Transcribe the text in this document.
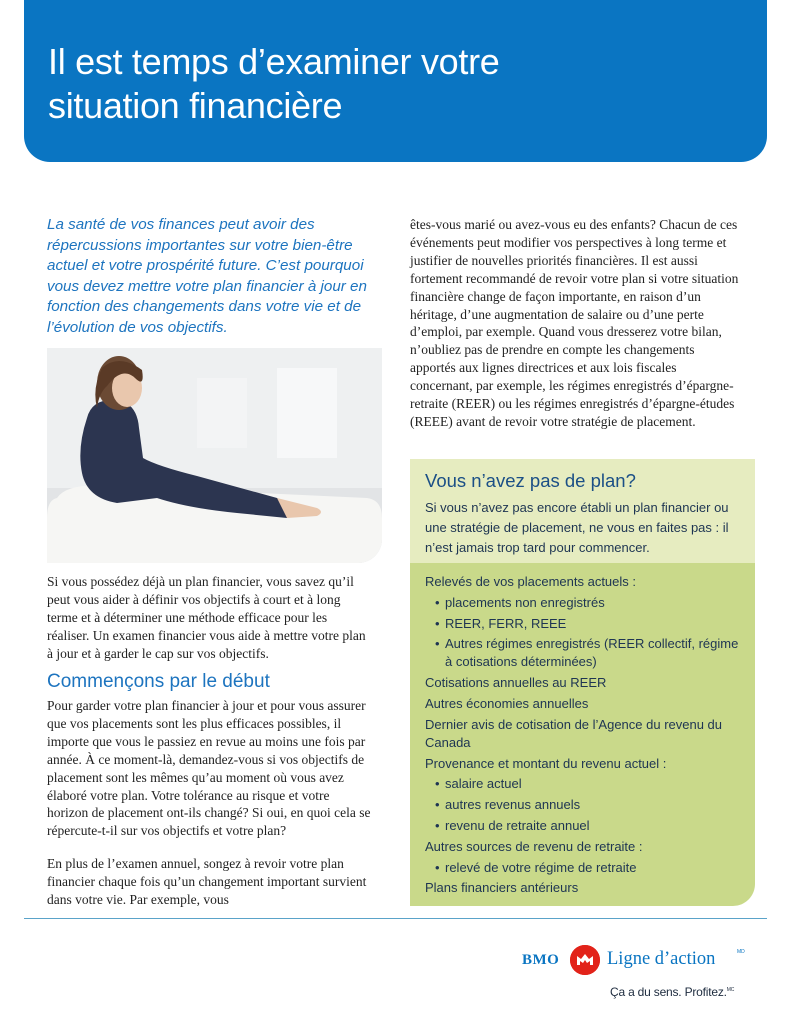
Il est temps d’examiner votre
situation financière

La santé de vos finances peut avoir des répercussions importantes sur votre bien-être actuel et votre prospérité future. C’est pourquoi vous devez mettre votre plan financier à jour en fonction des changements dans votre vie et de l’évolution de vos objectifs.

Si vous possédez déjà un plan financier, vous savez qu’il peut vous aider à définir vos objectifs à court et à long terme et à déterminer une méthode efficace pour les réaliser. Un examen financier vous aide à mettre votre plan à jour et à garder le cap sur vos objectifs.

Commençons par le début

Pour garder votre plan financier à jour et pour vous assurer que vos placements sont les plus efficaces possibles, il importe que vous le passiez en revue au moins une fois par année. À ce moment-là, demandez-vous si vos objectifs de placement sont les mêmes qu’au moment où vous avez élaboré votre plan. Votre tolérance au risque et votre horizon de placement ont-ils changé? Si oui, en quoi cela se répercute-t-il sur vos objectifs et votre plan?

En plus de l’examen annuel, songez à revoir votre plan financier chaque fois qu’un changement important survient dans votre vie. Par exemple, vous

êtes-vous marié ou avez-vous eu des enfants? Chacun de ces événements peut modifier vos perspectives à long terme et justifier de nouvelles priorités financières. Il est aussi fortement recommandé de revoir votre plan si votre situation financière change de façon importante, en raison d’un héritage, d’une augmentation de salaire ou d’une perte d’emploi, par exemple. Quand vous dresserez votre bilan, n’oubliez pas de prendre en compte les changements apportés aux lignes directrices et aux lois fiscales concernant, par exemple, les régimes enregistrés d’épargne-retraite (REER) ou les régimes enregistrés d’épargne-études (REEE) avant de revoir votre stratégie de placement.

Vous n’avez pas de plan?

Si vous n’avez pas encore établi un plan financier ou une stratégie de placement, ne vous en faites pas : il n’est jamais trop tard pour commencer.

Relevés de vos placements actuels :
• placements non enregistrés
• REER, FERR, REEE
• Autres régimes enregistrés (REER collectif, régime à cotisations déterminées)
Cotisations annuelles au REER
Autres économies annuelles
Dernier avis de cotisation de l’Agence du revenu du Canada
Provenance et montant du revenu actuel :
• salaire actuel
• autres revenus annuels
• revenu de retraite annuel
Autres sources de revenu de retraite :
• relevé de votre régime de retraite
Plans financiers antérieurs
BMO	Ligne d’action	MD
Ça a du sens. Profitez.$^{MC}$
